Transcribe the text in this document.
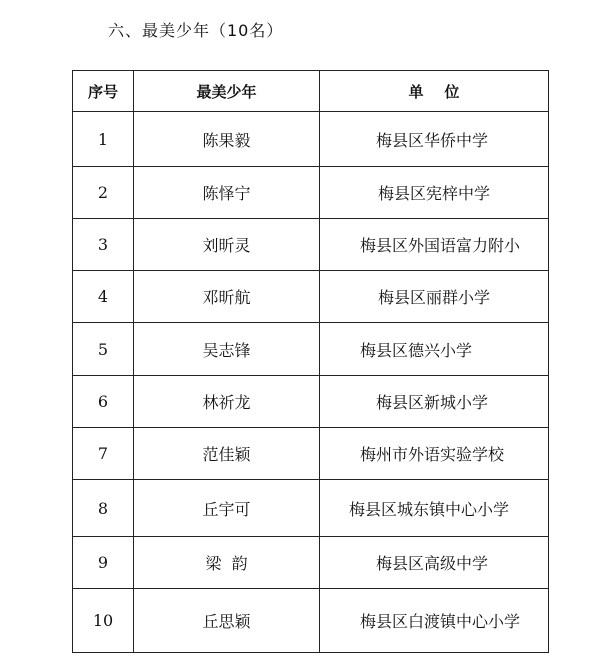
六、最美少年（10名）
序号	最美少年	单    位
1	陈果毅	梅县区华侨中学
2	陈怿宁	梅县区宪梓中学
3	刘昕灵	梅县区外国语富力附小
4	邓昕航	梅县区丽群小学
5	吴志锋	梅县区德兴小学
6	林祈龙	梅县区新城小学
7	范佳颖	梅州市外语实验学校
8	丘宇可	梅县区城东镇中心小学
9	梁  韵	梅县区高级中学
10	丘思颖	梅县区白渡镇中心小学
